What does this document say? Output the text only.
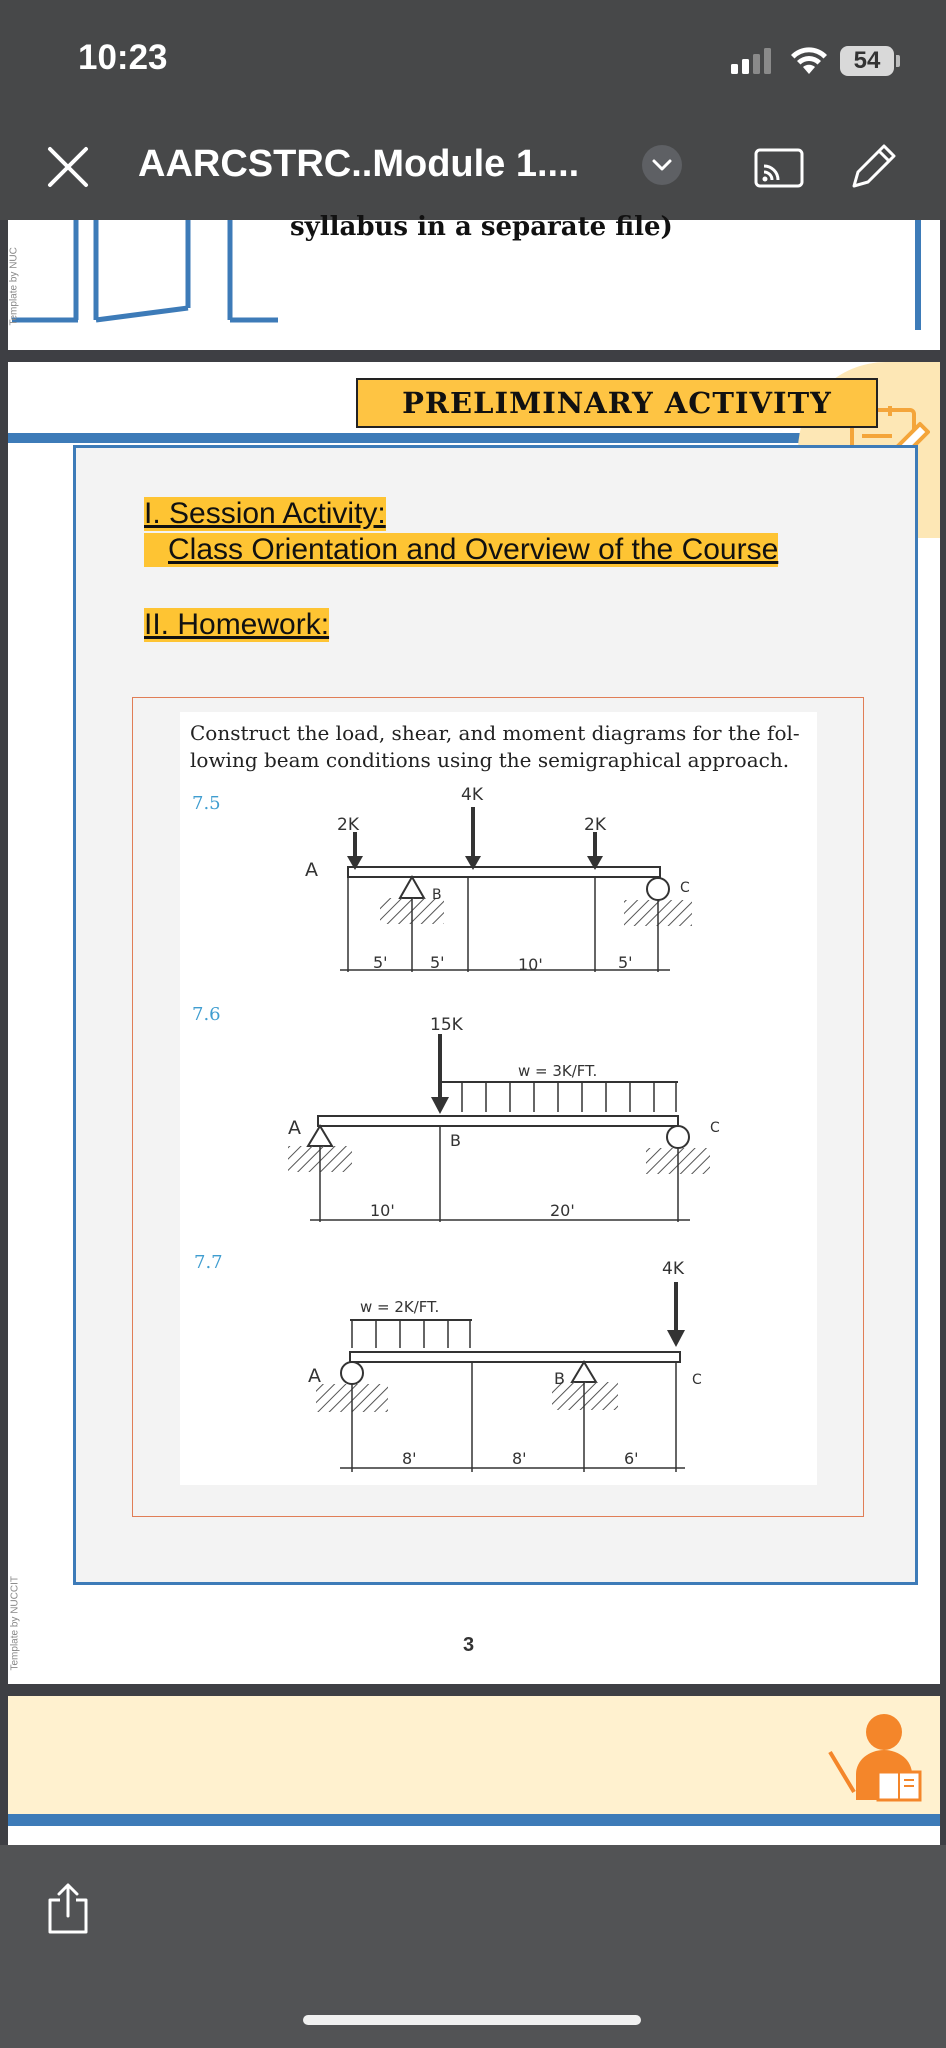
10:23	54
AARCSTRC..Module 1....
syllabus in a separate file)
Template by NUC
PRELIMINARY ACTIVITY
I. Session Activity:
Class Orientation and Overview of the Course
II. Homework:
Construct the load, shear, and moment diagrams for the fol-
lowing beam conditions using the semigraphical approach.
7.5
7.6
7.7
2K
4K
2K
A
B	C
5'	5'	10'	5'
15K
w = 3K/FT.
A
B
C
10'	20'
4K
w = 2K/FT.
A	B	C
8'	8'	6'
Template by NUCCIT	3
